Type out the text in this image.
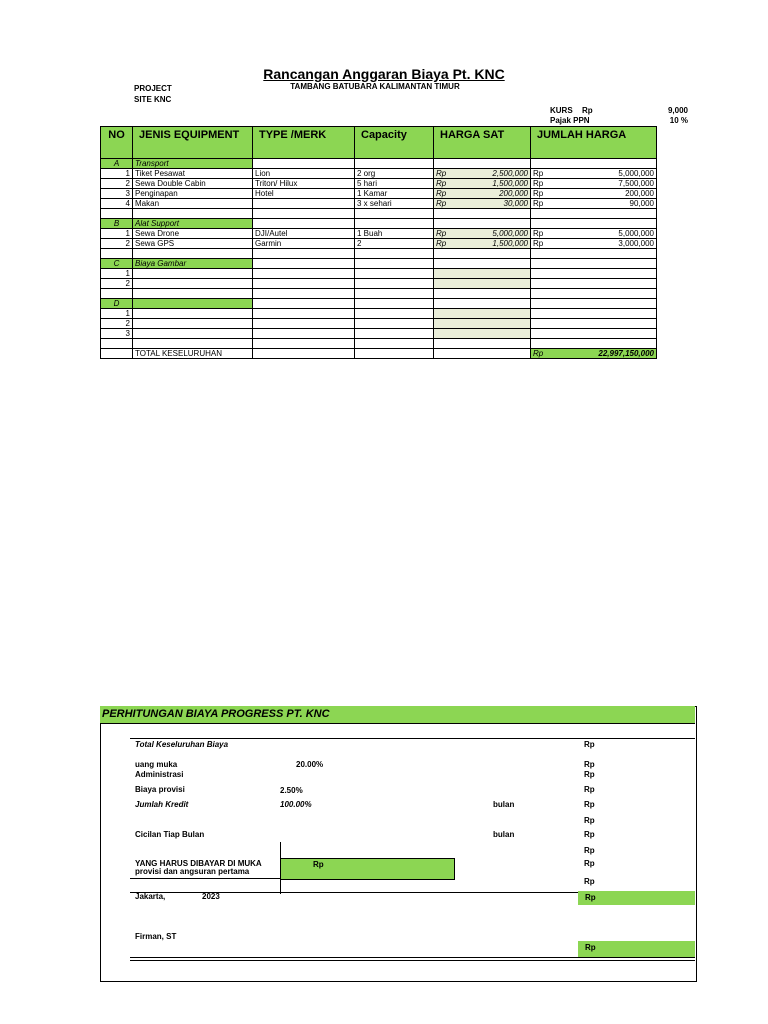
Rancangan Anggaran Biaya Pt. KNC
TAMBANG BATUBARA KALIMANTAN TIMUR
PROJECT
SITE KNC
KURS Rp	9,000
Pajak PPN	10 %
NO	JENIS EQUIPMENT	TYPE /MERK	Capacity	HARGA SAT	JUMLAH HARGA
A	Transport				
1	Tiket Pesawat	Lion	2 org	Rp 2,500,000	Rp 5,000,000

2	Sewa Double Cabin	Triton/ Hilux	5 hari	Rp 1,500,000	Rp 7,500,000

3	Penginapan	Hotel	1 Kamar	Rp 200,000	Rp 200,000

4	Makan		3 x sehari	Rp 30,000	Rp 90,000

B	Alat Support				
1	Sewa Drone	DJI/Autel	1 Buah	Rp 5,000,000	Rp 5,000,000

2	Sewa GPS	Garmin	2	Rp 1,500,000	Rp 3,000,000

C	Biaya Gambar				
1					
2					

D					
1					
2					
3					

	TOTAL KESELURUHAN				Rp 22,997,150,000
PERHITUNGAN BIAYA PROGRESS PT. KNC
Total Keseluruhan Biaya	Rp
uang muka	20.00%	Rp
Administrasi	Rp
Biaya provisi	2.50%	Rp
Jumlah Kredit	100.00%	bulan	Rp
Rp
Cicilan Tiap Bulan	bulan	Rp
Rp
Rp
YANG HARUS DIBAYAR DI MUKA
provisi dan angsuran pertama
Rp
Rp
Jakarta,	2023	Rp
Firman, ST
Rp
